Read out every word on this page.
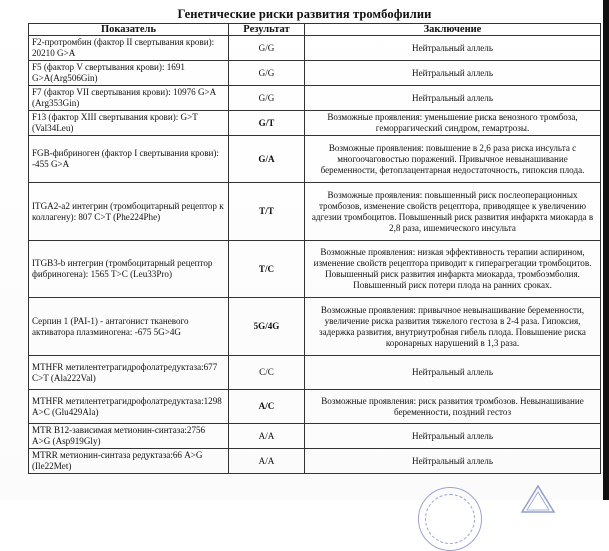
Генетические риски развития тромбофилии
Показатель	Результат	Заключение
F2-протромбин (фактор II свертывания крови): 20210 G>A	G/G	Нейтральный аллель
F5 (фактор V свертывания крови): 1691 G>A(Arg506Gin)	G/G	Нейтральный аллель
F7 (фактор VII свертывания крови): 10976 G>A (Arg353Gin)	G/G	Нейтральный аллель
F13 (фактор XIII свертывания крови): G>T (Val34Leu)	G/T	Возможные проявления: уменьшение риска венозного тромбоза, геморрагический синдром, гемартрозы.
FGB-фибриноген (фактор I свертывания крови): -455 G>A	G/A	Возможные проявления: повышение в 2,6 раза риска инсульта с многоочаговостью поражений. Привычное невынашивание беременности, фетоплацентарная недостаточность, гипоксия плода.
ITGA2-a2 интегрин (тромбоцитарный рецептор к коллагену): 807 C>T (Phe224Phe)	T/T	Возможные проявления: повышенный риск послеоперационных тромбозов, изменение свойств рецептора, приводящее к увеличению адгезии тромбоцитов. Повышенный риск развития инфаркта миокарда в 2,8 раза, ишемического инсульта
ITGB3-b интегрин (тромбоцитарный рецептор фибриногена): 1565 T>C (Leu33Pro)	T/C	Возможные проявления: низкая эффективность терапии аспирином, изменение свойств рецептора приводит к гиперагрегации тромбоцитов. Повышенный риск развития инфаркта миокарда, тромбоэмболия. Повышенный риск потери плода на ранних сроках.
Серпин 1 (PAI-1) - антагонист тканевого активатора плазминогена: -675 5G>4G	5G/4G	Возможные проявления: привычное невынашивание беременности, увеличение риска развития тяжелого гестоза в 2-4 раза. Гипоксия, задержка развития, внутриутробная гибель плода. Повышение риска коронарных нарушений в 1,3 раза.
MTHFR метилентетрагидрофолатредуктаза:677 C>T (Ala222Val)	C/C	Нейтральный аллель
MTHFR метилентетрагидрофолатредуктаза:1298 A>C (Glu429Ala)	A/C	Возможные проявления: риск развития тромбозов. Невынашивание беременности, поздний гестоз
MTR B12-зависимая метионин-синтаза:2756 A>G (Asp919Gly)	A/A	Нейтральный аллель
MTRR метионин-синтаза редуктаза:66 A>G (Ile22Met)	A/A	Нейтральный аллель
